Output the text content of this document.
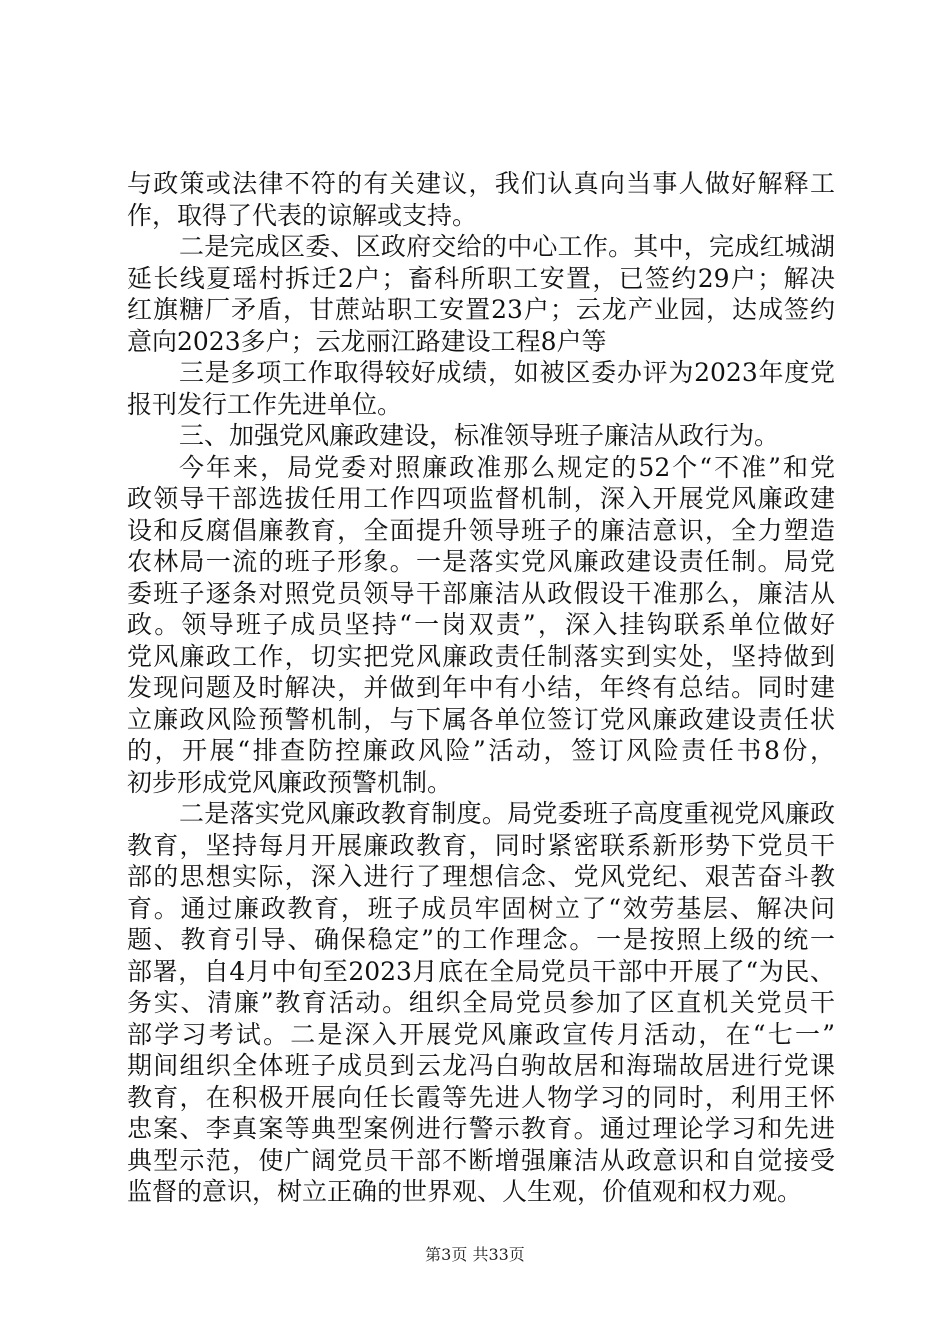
与政策或法律不符的有关建议，我们认真向当事人做好解释工
作，取得了代表的谅解或支持。
二是完成区委、区政府交给的中心工作。其中，完成红城湖
延长线夏瑶村拆迁2户；畜科所职工安置，已签约29户；解决
红旗糖厂矛盾，甘蔗站职工安置23户；云龙产业园，达成签约
意向2023多户；云龙丽江路建设工程8户等
三是多项工作取得较好成绩，如被区委办评为2023年度党
报刊发行工作先进单位。
三、加强党风廉政建设，标准领导班子廉洁从政行为。
今年来，局党委对照廉政准那么规定的52个“不准”和党
政领导干部选拔任用工作四项监督机制，深入开展党风廉政建
设和反腐倡廉教育，全面提升领导班子的廉洁意识，全力塑造
农林局一流的班子形象。一是落实党风廉政建设责任制。局党
委班子逐条对照党员领导干部廉洁从政假设干准那么，廉洁从
政。领导班子成员坚持“一岗双责”，深入挂钩联系单位做好
党风廉政工作，切实把党风廉政责任制落实到实处，坚持做到
发现问题及时解决，并做到年中有小结，年终有总结。同时建
立廉政风险预警机制，与下属各单位签订党风廉政建设责任状
的，开展“排查防控廉政风险”活动，签订风险责任书8份，
初步形成党风廉政预警机制。
二是落实党风廉政教育制度。局党委班子高度重视党风廉政
教育，坚持每月开展廉政教育，同时紧密联系新形势下党员干
部的思想实际，深入进行了理想信念、党风党纪、艰苦奋斗教
育。通过廉政教育，班子成员牢固树立了“效劳基层、解决问
题、教育引导、确保稳定”的工作理念。一是按照上级的统一
部署，自4月中旬至2023月底在全局党员干部中开展了“为民、
务实、清廉”教育活动。组织全局党员参加了区直机关党员干
部学习考试。二是深入开展党风廉政宣传月活动，在“七一”
期间组织全体班子成员到云龙冯白驹故居和海瑞故居进行党课
教育，在积极开展向任长霞等先进人物学习的同时，利用王怀
忠案、李真案等典型案例进行警示教育。通过理论学习和先进
典型示范，使广阔党员干部不断增强廉洁从政意识和自觉接受
监督的意识，树立正确的世界观、人生观，价值观和权力观。
第3页 共33页
